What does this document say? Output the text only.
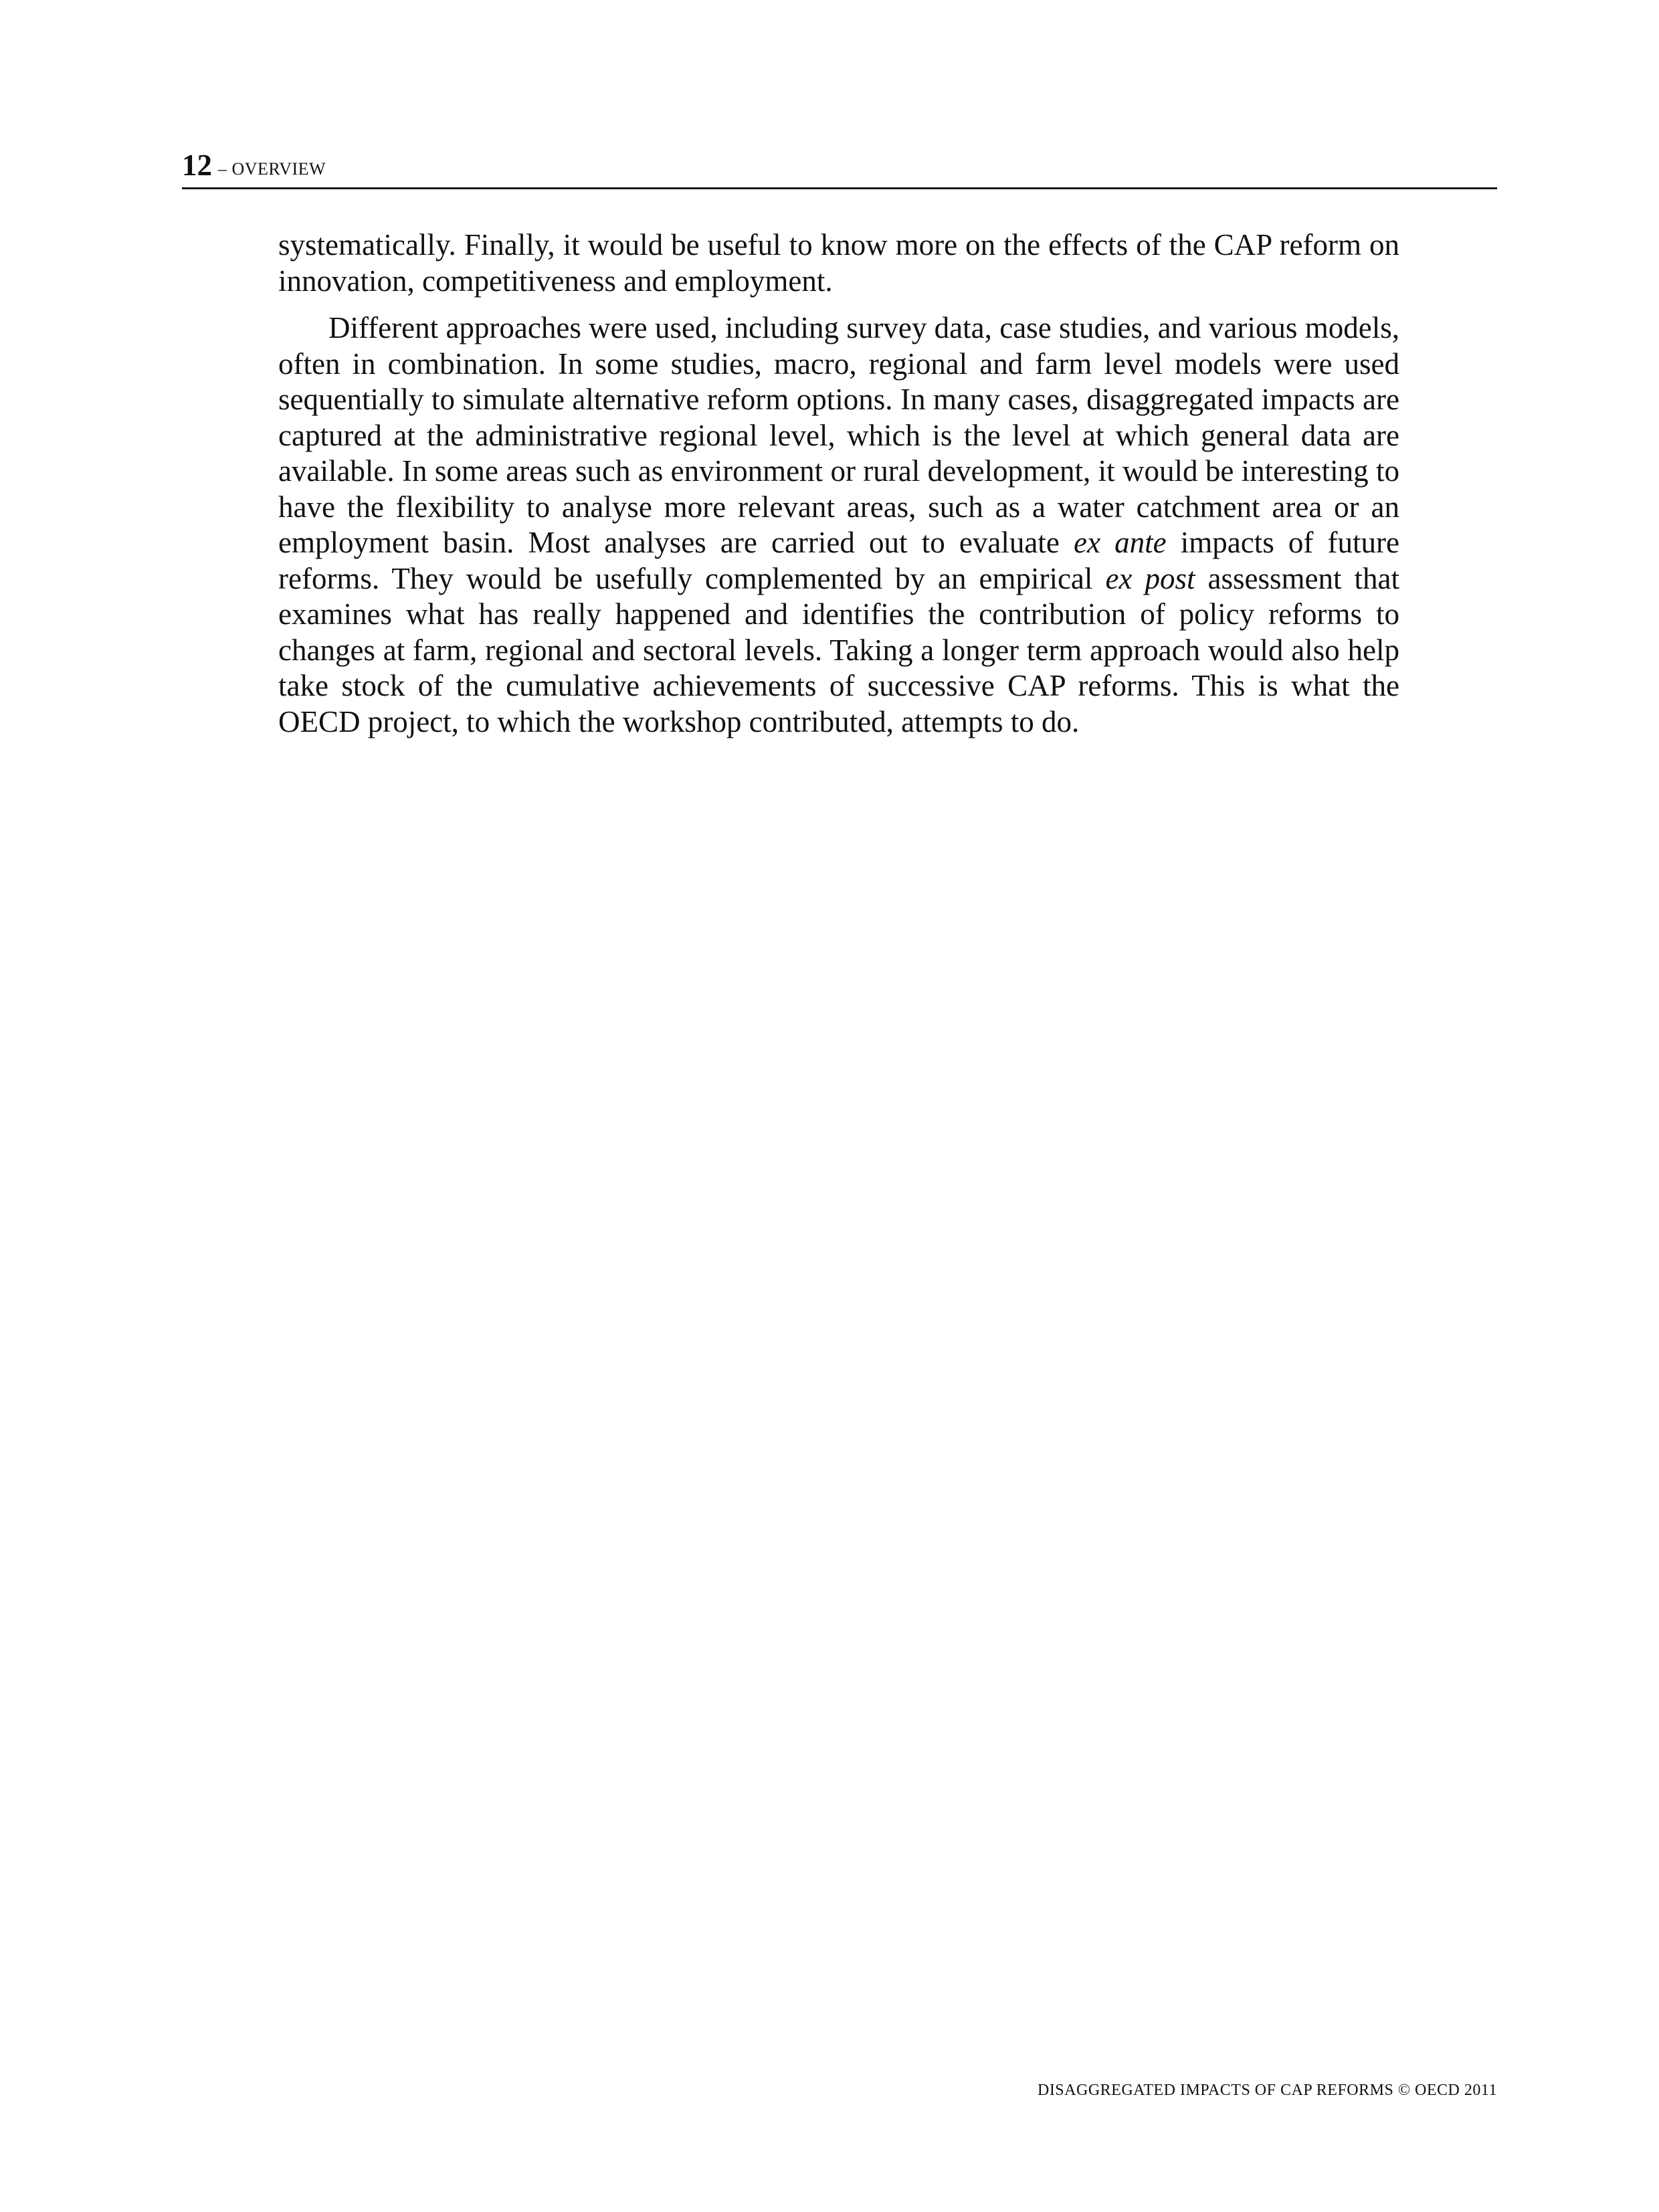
12 – OVERVIEW

systematically. Finally, it would be useful to know more on the effects of the CAP reform on innovation, competitiveness and employment.

Different approaches were used, including survey data, case studies, and various models, often in combination. In some studies, macro, regional and farm level models were used sequentially to simulate alternative reform options. In many cases, disaggregated impacts are captured at the administrative regional level, which is the level at which general data are available. In some areas such as environment or rural development, it would be interesting to have the flexibility to analyse more relevant areas, such as a water catchment area or an employment basin. Most analyses are carried out to evaluate ex ante impacts of future reforms. They would be usefully complemented by an empirical ex post assessment that examines what has really happened and identifies the contribution of policy reforms to changes at farm, regional and sectoral levels. Taking a longer term approach would also help take stock of the cumulative achievements of successive CAP reforms. This is what the OECD project, to which the workshop contributed, attempts to do.

DISAGGREGATED IMPACTS OF CAP REFORMS © OECD 2011
